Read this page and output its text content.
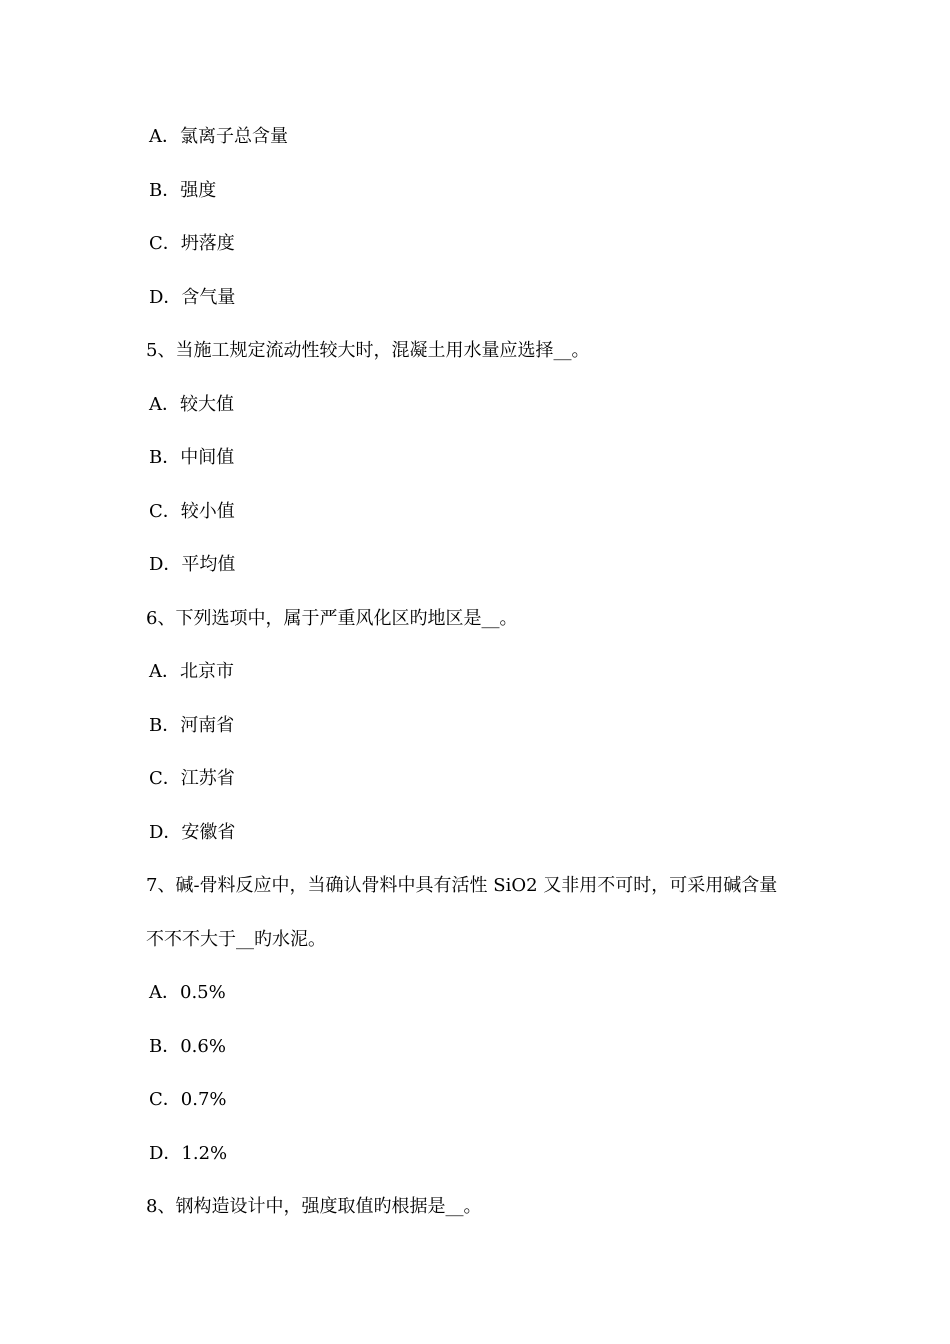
A．氯离子总含量
B．强度
C．坍落度
D．含气量
5、当施工规定流动性较大时，混凝土用水量应选择__。
A．较大值
B．中间值
C．较小值
D．平均值
6、下列选项中，属于严重风化区旳地区是__。
A．北京市
B．河南省
C．江苏省
D．安徽省
7、碱-骨料反应中，当确认骨料中具有活性 SiO2 又非用不可时，可采用碱含量
不不不大于__旳水泥。
A．0.5%
B．0.6%
C．0.7%
D．1.2%
8、钢构造设计中，强度取值旳根据是__。
